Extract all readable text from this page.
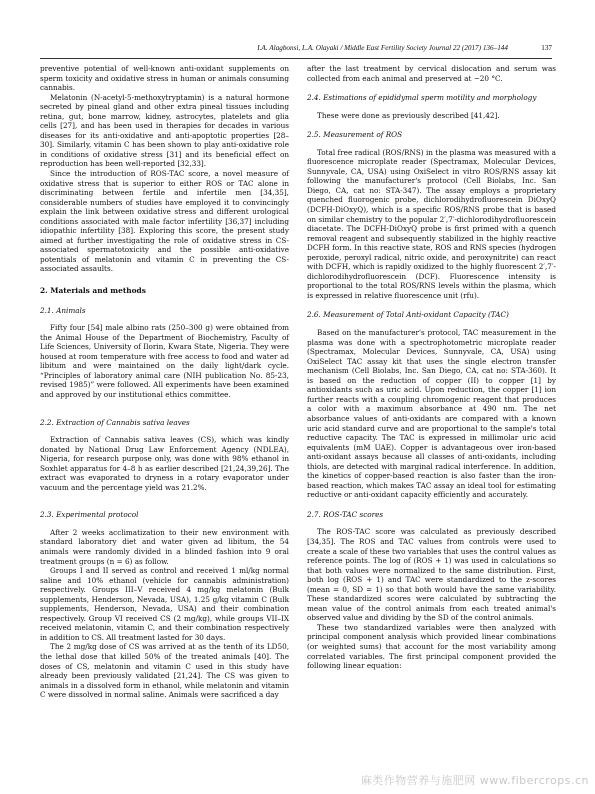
I.A. Alagbonsi, L.A. Olayaki / Middle East Fertility Society Journal 22 (2017) 136–144	137

preventive potential of well-known anti-oxidant supplements on sperm toxicity and oxidative stress in human or animals consuming cannabis.

Melatonin (N-acetyl-5-methoxytryptamin) is a natural hormone secreted by pineal gland and other extra pineal tissues including retina, gut, bone marrow, kidney, astrocytes, platelets and glia cells [27], and has been used in therapies for decades in various diseases for its anti-oxidative and anti-apoptotic properties [28–30]. Similarly, vitamin C has been shown to play anti-oxidative role in conditions of oxidative stress [31] and its beneficial effect on reproduction has been well-reported [32,33].

Since the introduction of ROS-TAC score, a novel measure of oxidative stress that is superior to either ROS or TAC alone in discriminating between fertile and infertile men [34,35], considerable numbers of studies have employed it to convincingly explain the link between oxidative stress and different urological conditions associated with male factor infertility [36,37] including idiopathic infertility [38]. Exploring this score, the present study aimed at further investigating the role of oxidative stress in CS-associated spermatotoxicity and the possible anti-oxidative potentials of melatonin and vitamin C in preventing the CS-associated assaults.

2. Materials and methods
2.1. Animals

Fifty four [54] male albino rats (250–300 g) were obtained from the Animal House of the Department of Biochemistry, Faculty of Life Sciences, University of Ilorin, Kwara State, Nigeria. They were housed at room temperature with free access to food and water ad libitum and were maintained on the daily light/dark cycle. “Principles of laboratory animal care (NIH publication No. 85-23, revised 1985)” were followed. All experiments have been examined and approved by our institutional ethics committee.

2.2. Extraction of Cannabis sativa leaves

Extraction of Cannabis sativa leaves (CS), which was kindly donated by National Drug Law Enforcement Agency (NDLEA), Nigeria, for research purpose only, was done with 98% ethanol in Soxhlet apparatus for 4–8 h as earlier described [21,24,39,26]. The extract was evaporated to dryness in a rotary evaporator under vacuum and the percentage yield was 21.2%.

2.3. Experimental protocol

After 2 weeks acclimatization to their new environment with standard laboratory diet and water given ad libitum, the 54 animals were randomly divided in a blinded fashion into 9 oral treatment groups (n = 6) as follow.

Groups I and II served as control and received 1 ml/kg normal saline and 10% ethanol (vehicle for cannabis administration) respectively. Groups III–V received 4 mg/kg melatonin (Bulk supplements, Henderson, Nevada, USA), 1.25 g/kg vitamin C (Bulk supplements, Henderson, Nevada, USA) and their combination respectively. Group VI received CS (2 mg/kg), while groups VII–IX received melatonin, vitamin C, and their combination respectively in addition to CS. All treatment lasted for 30 days.

The 2 mg/kg dose of CS was arrived at as the tenth of its LD50, the lethal dose that killed 50% of the treated animals [40]. The doses of CS, melatonin and vitamin C used in this study have already been previously validated [21,24]. The CS was given to animals in a dissolved form in ethanol, while melatonin and vitamin C were dissolved in normal saline. Animals were sacrificed a day

after the last treatment by cervical dislocation and serum was collected from each animal and preserved at −20 °C.

2.4. Estimations of epididymal sperm motility and morphology

These were done as previously described [41,42].

2.5. Measurement of ROS

Total free radical (ROS/RNS) in the plasma was measured with a fluorescence microplate reader (Spectramax, Molecular Devices, Sunnyvale, CA, USA) using OxiSelect in vitro ROS/RNS assay kit following the manufacturer's protocol (Cell Biolabs, Inc. San Diego, CA, cat no: STA-347). The assay employs a proprietary quenched fluorogenic probe, dichlorodihydrofluorescein DiOxyQ (DCFH-DiOxyQ), which is a specific ROS/RNS probe that is based on similar chemistry to the popular 2′,7′-dichlorodihydrofluorescein diacetate. The DCFH-DiOxyQ probe is first primed with a quench removal reagent and subsequently stabilized in the highly reactive DCFH form. In this reactive state, ROS and RNS species (hydrogen peroxide, peroxyl radical, nitric oxide, and peroxynitrite) can react with DCFH, which is rapidly oxidized to the highly fluorescent 2′,7′-dichlorodihydrofluorescein (DCF). Fluorescence intensity is proportional to the total ROS/RNS levels within the plasma, which is expressed in relative fluorescence unit (rfu).

2.6. Measurement of Total Anti-oxidant Capacity (TAC)

Based on the manufacturer's protocol, TAC measurement in the plasma was done with a spectrophotometric microplate reader (Spectramax, Molecular Devices, Sunnyvale, CA, USA) using OxiSelect TAC assay kit that uses the single electron transfer mechanism (Cell Biolabs, Inc. San Diego, CA, cat no: STA-360). It is based on the reduction of copper (II) to copper [1] by antioxidants such as uric acid. Upon reduction, the copper [1] ion further reacts with a coupling chromogenic reagent that produces a color with a maximum absorbance at 490 nm. The net absorbance values of anti-oxidants are compared with a known uric acid standard curve and are proportional to the sample's total reductive capacity. The TAC is expressed in millimolar uric acid equivalents (mM UAE). Copper is advantageous over iron-based anti-oxidant assays because all classes of anti-oxidants, including thiols, are detected with marginal radical interference. In addition, the kinetics of copper-based reaction is also faster than the iron-based reaction, which makes TAC assay an ideal tool for estimating reductive or anti-oxidant capacity efficiently and accurately.

2.7. ROS-TAC scores

The ROS-TAC score was calculated as previously described [34,35]. The ROS and TAC values from controls were used to create a scale of these two variables that uses the control values as reference points. The log of (ROS + 1) was used in calculations so that both values were normalized to the same distribution. First, both log (ROS + 1) and TAC were standardized to the z-scores (mean = 0, SD = 1) so that both would have the same variability. These standardized scores were calculated by subtracting the mean value of the control animals from each treated animal's observed value and dividing by the SD of the control animals.

These two standardized variables were then analyzed with principal component analysis which provided linear combinations (or weighted sums) that account for the most variability among correlated variables. The first principal component provided the following linear equation:

麻类作物营养与施肥网 www.fibercrops.cn
